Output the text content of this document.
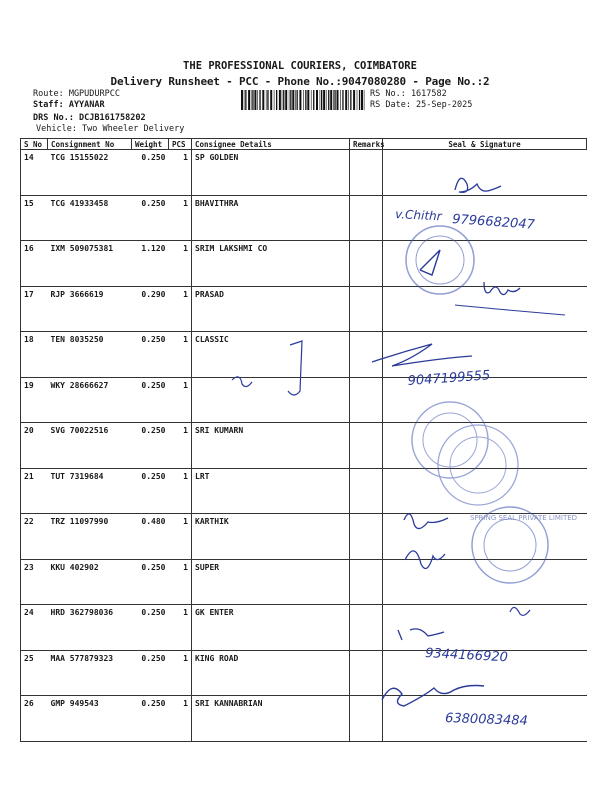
THE PROFESSIONAL COURIERS, COIMBATORE
Delivery Runsheet - PCC - Phone No.:9047080280 - Page No.:2
Route: MGPUDURPCC
Staff: AYYANAR
DRS No.: DCJB161758202
Vehicle: Two Wheeler Delivery
RS No.: 1617582
RS Date: 25-Sep-2025
S No	Consignment No	Weight	PCS	Consignee Details	Remarks	Seal & Signature
14	TCG 15155022	0.250	1	SP GOLDEN		
15	TCG 41933458	0.250	1	BHAVITHRA		
16	IXM 509075381	1.120	1	SRIM LAKSHMI CO		
17	RJP 3666619	0.290	1	PRASAD		
18	TEN 8035250	0.250	1	CLASSIC		
19	WKY 28666627	0.250	1			
20	SVG 70022516	0.250	1	SRI KUMARN		
21	TUT 7319684	0.250	1	LRT		
22	TRZ 11097990	0.480	1	KARTHIK		
23	KKU 402902	0.250	1	SUPER		
24	HRD 362798036	0.250	1	GK ENTER		
25	MAA 577879323	0.250	1	KING ROAD		
26	GMP 949543	0.250	1	SRI KANNABRIAN		
v.Chithr 9796682047
9047199555
SPRING SEAL PRIVATE LIMITED
9344166920
6380083484
